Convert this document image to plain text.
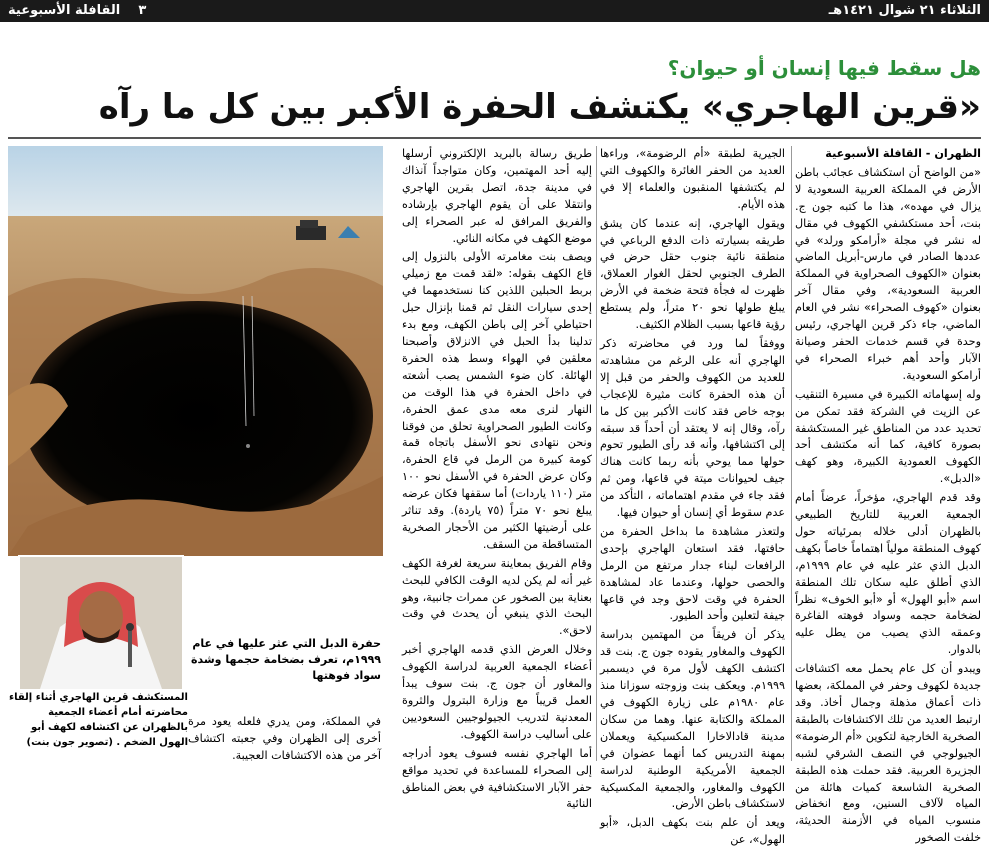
الثلاثاء ٢١ شوال ١٤٢١هـ
٣    القافلة الأسبوعية
هل سقط فيها إنسان أو حيوان؟
«قرين الهاجري» يكتشف الحفرة الأكبر بين كل ما رآه

الظهران - القافلة الأسبوعية

«من الواضح أن استكشاف عجائب باطن الأرض في المملكة العربية السعودية لا يزال في مهده»، هذا ما كتبه جون ج. بنت، أحد مستكشفي الكهوف في مقال له نشر في مجلة «أرامكو ورلد» في عددها الصادر في مارس-أبريل الماضي بعنوان «الكهوف الصحراوية في المملكة العربية السعودية»، وفي مقال آخر بعنوان «كهوف الصحراء» نشر في العام الماضي، جاء ذكر قرين الهاجري، رئيس وحدة في قسم خدمات الحفر وصيانة الآبار وأحد أهم خبراء الصحراء في أرامكو السعودية.

وله إسهاماته الكبيرة في مسيرة التنقيب عن الزيت في الشركة فقد تمكن من تحديد عدد من المناطق غير المستكشفة بصورة كافية، كما أنه مكتشف أحد الكهوف العمودية الكبيرة، وهو كهف «الدبل».

وقد قدم الهاجري، مؤخراً، عرضاً أمام الجمعية العربية للتاريخ الطبيعي بالظهران أدلى خلاله بمرئياته حول كهوف المنطقة مولياً اهتماماً خاصاً بكهف الدبل الذي عثر عليه في عام ١٩٩٩م، الذي أطلق عليه سكان تلك المنطقة اسم «أبو الهول» أو «أبو الخوف» نظراً لضخامة حجمه وسواد فوهته الفاغرة وعمقه الذي يصيب من يطل عليه بالدوار.

ويبدو أن كل عام يحمل معه اكتشافات جديدة لكهوف وحفر في المملكة، بعضها ذات أعماق مذهلة وجمال أخاذ. وقد ارتبط العديد من تلك الاكتشافات بالطبقة الصخرية الخارجية لتكوين «أم الرضومة» الجيولوجي في النصف الشرقي لشبه الجزيرة العربية. فقد حملت هذه الطبقة الصخرية الشاسعة كميات هائلة من المياه لآلاف السنين، ومع انخفاض منسوب المياه في الأزمنة الحديثة، خلفت الصخور

الجيرية لطبقة «أم الرضومة»، وراءها العديد من الحفر الغائرة والكهوف التي لم يكتشفها المنقبون والعلماء إلا في هذه الأيام.

ويقول الهاجري، إنه عندما كان يشق طريقه بسيارته ذات الدفع الرباعي في منطقة نائية جنوب حقل حرض في الطرف الجنوبي لحقل الغوار العملاق، ظهرت له فجأة فتحة ضخمة في الأرض يبلغ طولها نحو ٢٠ متراً، ولم يستطع رؤية قاعها بسبب الظلام الكثيف.

ووفقاً لما ورد في محاضرته ذكر الهاجري أنه على الرغم من مشاهدته للعديد من الكهوف والحفر من قبل إلا أن هذه الحفرة كانت مثيرة للإعجاب بوجه خاص فقد كانت الأكبر بين كل ما رآه، وقال إنه لا يعتقد أن أحداً قد سبقه إلى اكتشافها، وأنه قد رأى الطيور تحوم حولها مما يوحي بأنه ربما كانت هناك جيف لحيوانات ميتة في قاعها، ومن ثم فقد جاء في مقدم اهتماماته ، التأكد من عدم سقوط أي إنسان أو حيوان فيها.

ولتعذر مشاهدة ما بداخل الحفرة من حافتها، فقد استعان الهاجري بإحدى الرافعات لبناء جدار مرتفع من الرمل والحصى حولها، وعندما عاد لمشاهدة الحفرة في وقت لاحق وجد في قاعها جيفة لتعلين وأحد الطيور.

يذكر أن فريقاً من المهتمين بدراسة الكهوف والمغاور يقوده جون ج. بنت قد اكتشف الكهف لأول مرة في ديسمبر ١٩٩٩م. ويعكف بنت وزوجته سوزانا منذ عام ١٩٨٠م على زيارة الكهوف في المملكة والكتابة عنها. وهما من سكان مدينة قادالاخارا المكسيكية ويعملان بمهنة التدريس كما أنهما عضوان في الجمعية الأمريكية الوطنية لدراسة الكهوف والمغاور، والجمعية المكسيكية لاستكشاف باطن الأرض.

ويعد أن علم بنت بكهف الدبل، «أبو الهول»، عن

طريق رسالة بالبريد الإلكتروني أرسلها إليه أحد المهتمين، وكان متواجداً آنذاك في مدينة جدة، اتصل بقرين الهاجري وانتقلا على أن يقوم الهاجري بإرشاده والفريق المرافق له عبر الصحراء إلى موضع الكهف في مكانه النائي.

ويصف بنت مغامرته الأولى بالنزول إلى قاع الكهف بقوله: «لقد قمت مع زميلي بربط الحبلين اللذين كنا نستخدمهما في إحدى سيارات النقل ثم قمنا بإنزال حبل احتياطي آخر إلى باطن الكهف، ومع بدء تدلينا بدأ الحبل في الانزلاق وأصبحنا معلقين في الهواء وسط هذه الحفرة الهائلة. كان ضوء الشمس يصب أشعته في داخل الحفرة في هذا الوقت من النهار لنرى معه مدى عمق الحفرة، وكانت الطيور الصحراوية تحلق من فوقنا ونحن نتهادى نحو الأسفل باتجاه قمة كومة كبيرة من الرمل في قاع الحفرة، وكان عرض الحفرة في الأسفل نحو ١٠٠ متر (١١٠ ياردات) أما سقفها فكان عرضه يبلغ نحو ٧٠ متراً (٧٥ ياردة). وقد تناثر على أرضيتها الكثير من الأحجار الصخرية المتساقطة من السقف.

وقام الفريق بمعاينة سريعة لغرفة الكهف غير أنه لم يكن لديه الوقت الكافي للبحث بعناية بين الصخور عن ممرات جانبية، وهو البحث الذي ينبغي أن يحدث في وقت لاحق».

وخلال العرض الذي قدمه الهاجري أخبر أعضاء الجمعية العربية لدراسة الكهوف والمغاور أن جون ج. بنت سوف يبدأ العمل قريباً مع وزارة البترول والثروة المعدنية لتدريب الجيولوجيين السعوديين على أساليب دراسة الكهوف.

أما الهاجري نفسه فسوف يعود أدراجه إلى الصحراء للمساعدة في تحديد مواقع حفر الآبار الاستكشافية في بعض المناطق النائية

حفرة الدبل التي عثر عليها في عام ١٩٩٩م، تعرف بضخامة حجمها وشدة سواد فوهتها
المستكشف قرين الهاجري أثناء إلقاء محاضرته أمام أعضاء الجمعية بالظهران عن اكتشافه لكهف أبو الهول الضخم . (تصوير جون بنت)

في المملكة، ومن يدري فلعله يعود مرة أخرى إلى الظهران وفي جعبته اكتشاف آخر من هذه الاكتشافات العجيبة.
